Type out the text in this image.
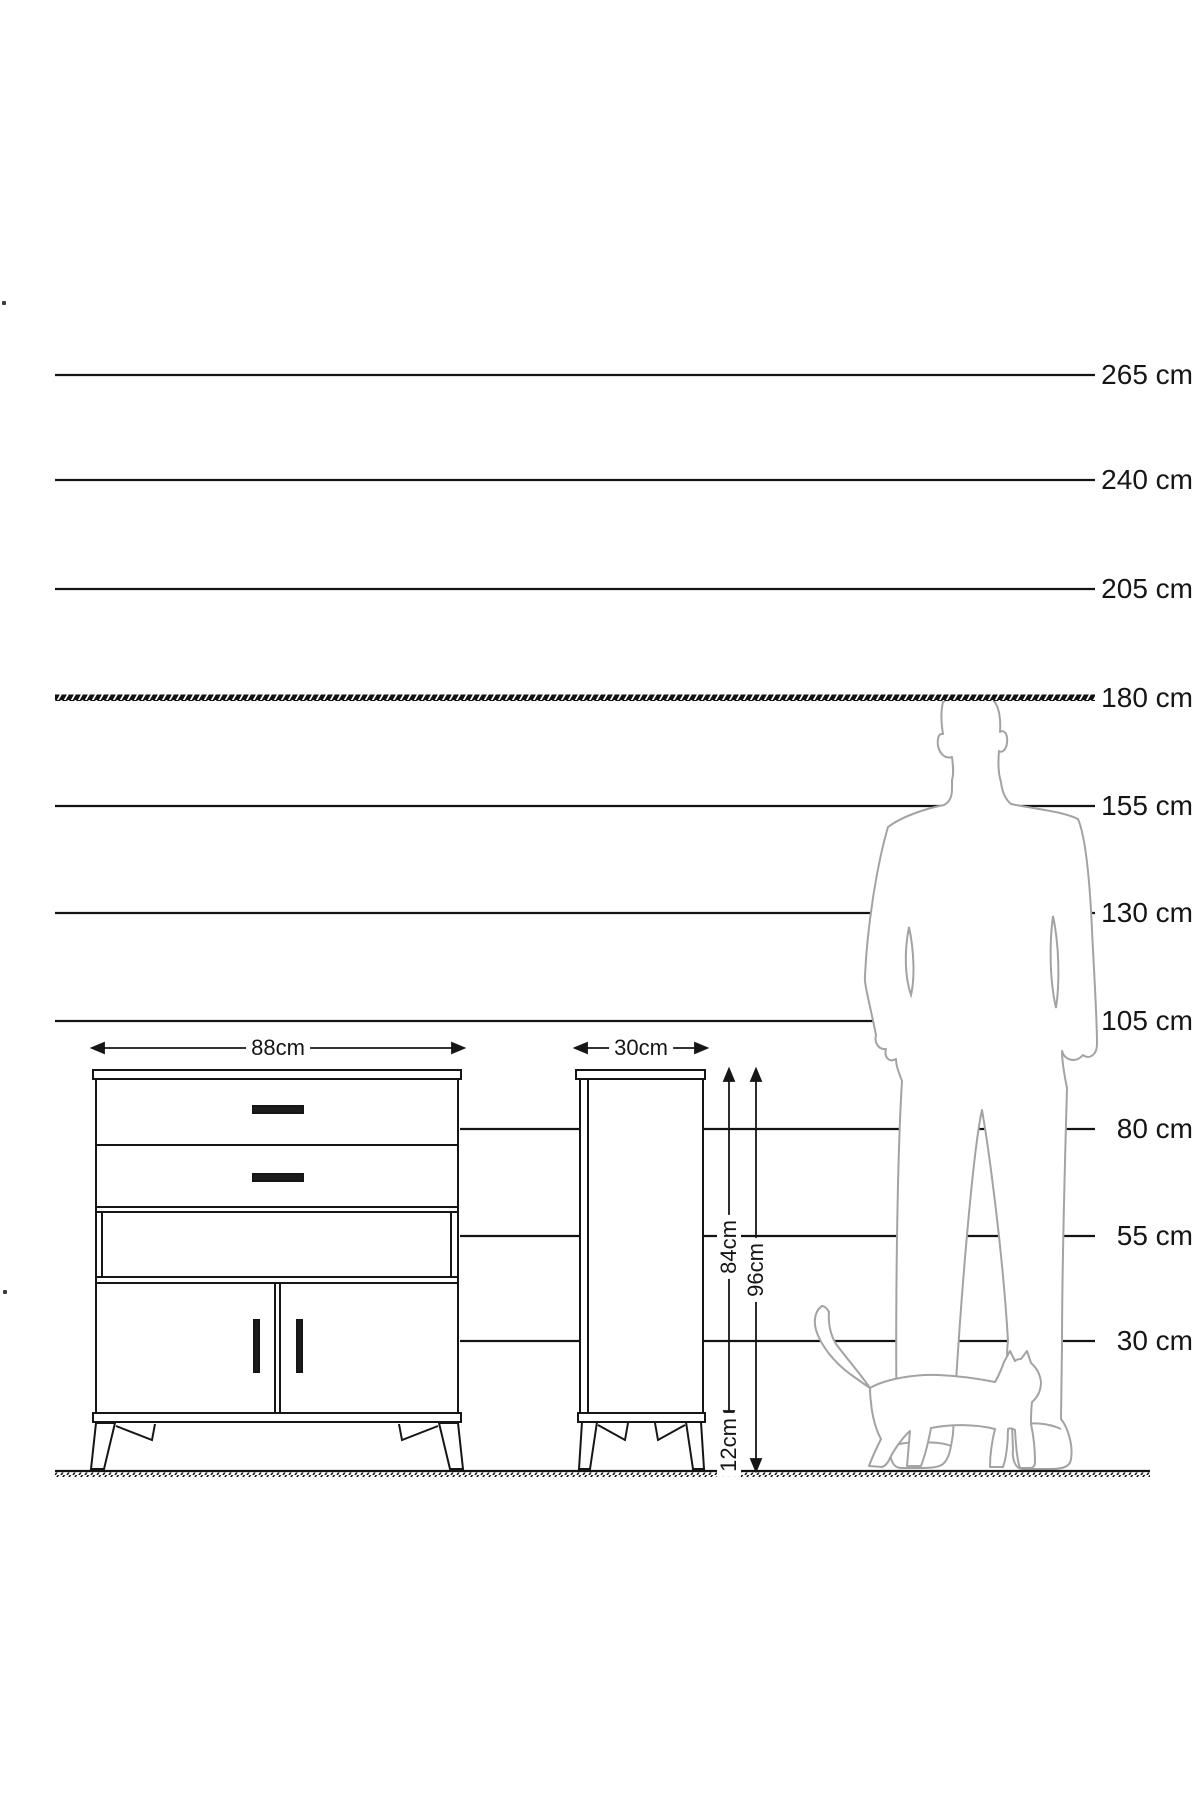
265 cm
240 cm
205 cm
180 cm
155 cm
130 cm
105 cm
80 cm
55 cm
30 cm
88cm	30cm
84cm 96cm
12cm
